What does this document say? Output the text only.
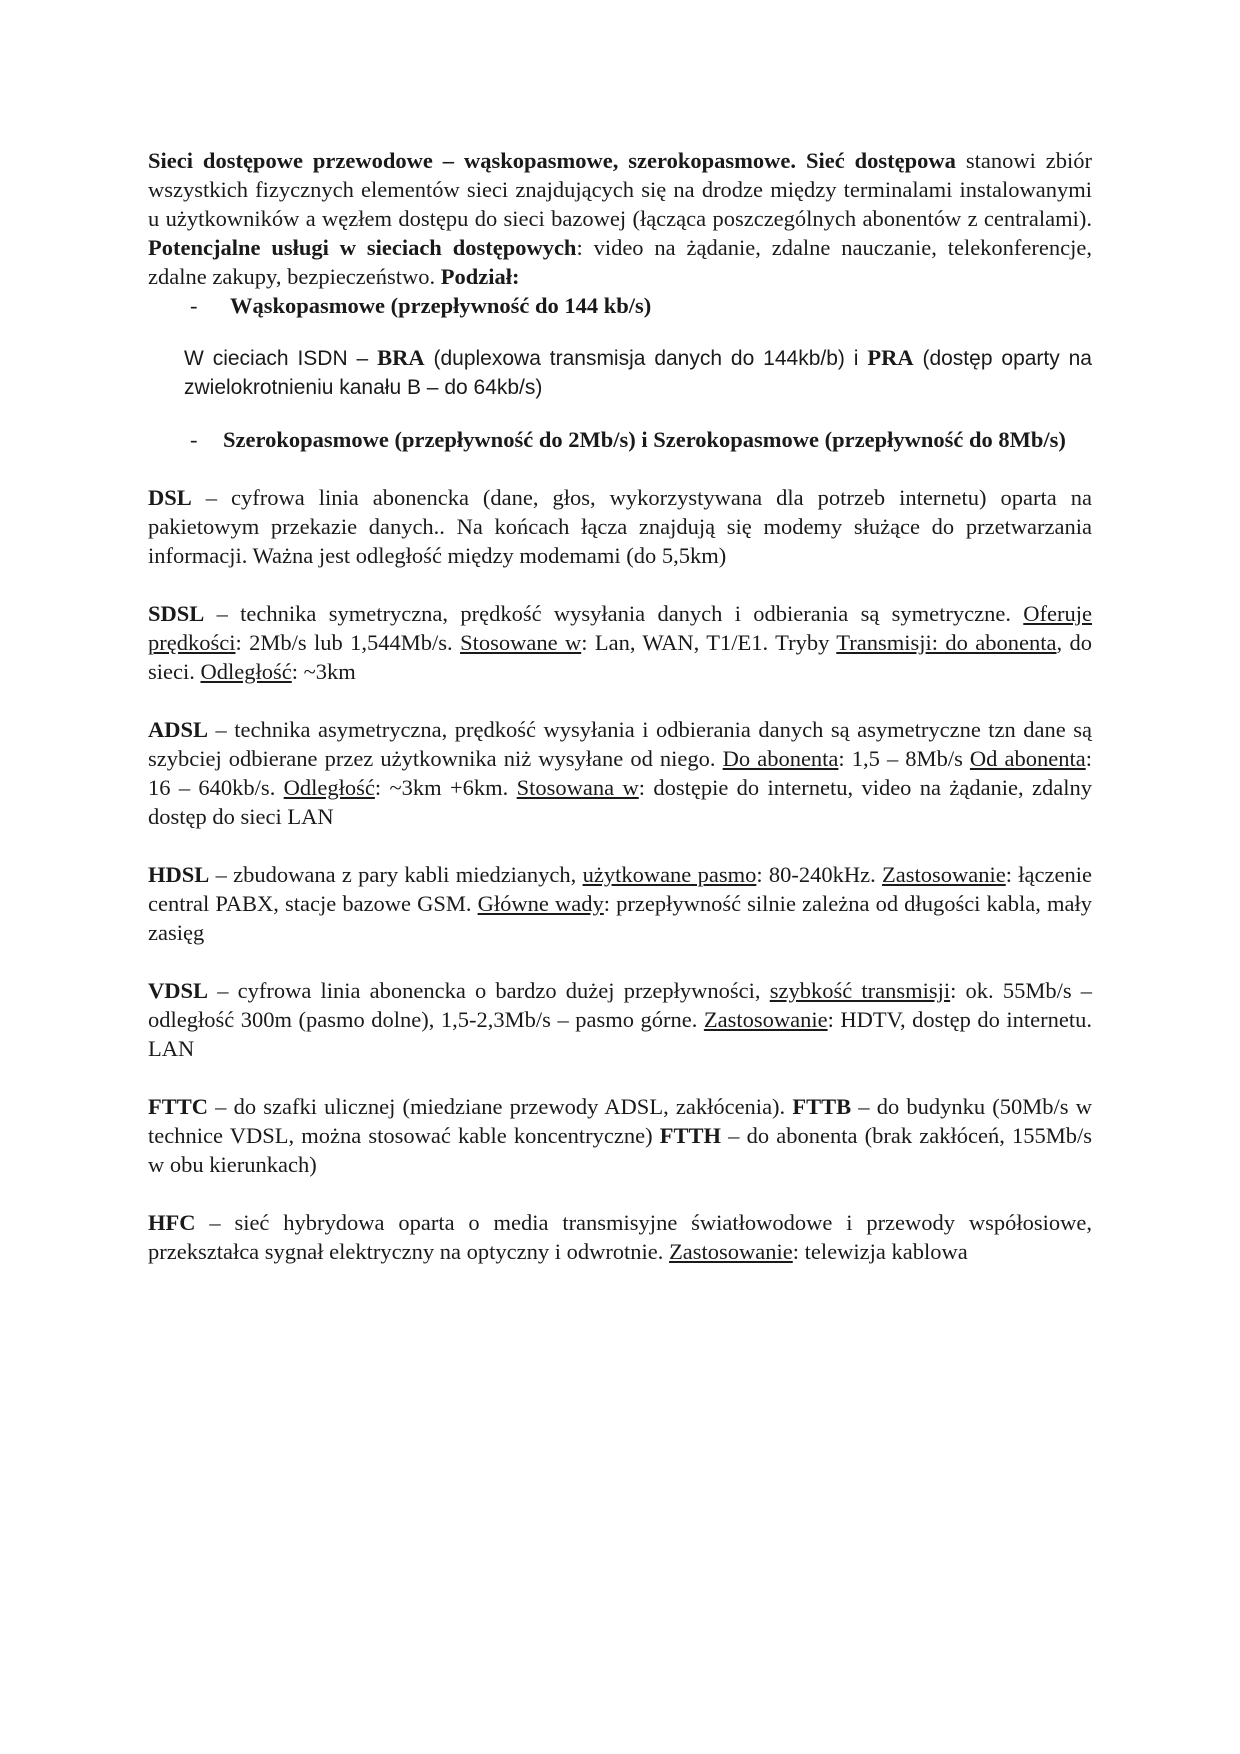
Sieci dostępowe przewodowe – wąskopasmowe, szerokopasmowe. Sieć dostępowa stanowi zbiór wszystkich fizycznych elementów sieci znajdujących się na drodze między terminalami instalowanymi u użytkowników a węzłem dostępu do sieci bazowej (łącząca poszczególnych abonentów z centralami). Potencjalne usługi w sieciach dostępowych: video na żądanie, zdalne nauczanie, telekonferencje, zdalne zakupy, bezpieczeństwo. Podział:

-	Wąskopasmowe (przepływność do 144 kb/s)

W cieciach ISDN – BRA (duplexowa transmisja danych do 144kb/b) i PRA (dostęp oparty na zwielokrotnieniu kanału B – do 64kb/s)

-	Szerokopasmowe (przepływność do 2Mb/s) i Szerokopasmowe (przepływność do 8Mb/s)

DSL – cyfrowa linia abonencka (dane, głos, wykorzystywana dla potrzeb internetu) oparta na pakietowym przekazie danych.. Na końcach łącza znajdują się modemy służące do przetwarzania informacji. Ważna jest odległość między modemami (do 5,5km)

SDSL – technika symetryczna, prędkość wysyłania danych i odbierania są symetryczne. Oferuje prędkości: 2Mb/s lub 1,544Mb/s. Stosowane w: Lan, WAN, T1/E1. Tryby Transmisji: do abonenta, do sieci. Odległość: ~3km

ADSL – technika asymetryczna, prędkość wysyłania i odbierania danych są asymetryczne tzn dane są szybciej odbierane przez użytkownika niż wysyłane od niego. Do abonenta: 1,5 – 8Mb/s Od abonenta: 16 – 640kb/s. Odległość: ~3km +6km. Stosowana w: dostępie do internetu, video na żądanie, zdalny dostęp do sieci LAN

HDSL – zbudowana z pary kabli miedzianych, użytkowane pasmo: 80-240kHz. Zastosowanie: łączenie central PABX, stacje bazowe GSM. Główne wady: przepływność silnie zależna od długości kabla, mały zasięg

VDSL – cyfrowa linia abonencka o bardzo dużej przepływności, szybkość transmisji: ok. 55Mb/s – odległość 300m (pasmo dolne), 1,5-2,3Mb/s – pasmo górne. Zastosowanie: HDTV, dostęp do internetu. LAN

FTTC – do szafki ulicznej (miedziane przewody ADSL, zakłócenia). FTTB – do budynku (50Mb/s w technice VDSL, można stosować kable koncentryczne) FTTH – do abonenta (brak zakłóceń, 155Mb/s w obu kierunkach)

HFC – sieć hybrydowa oparta o media transmisyjne światłowodowe i przewody współosiowe, przekształca sygnał elektryczny na optyczny i odwrotnie. Zastosowanie: telewizja kablowa
